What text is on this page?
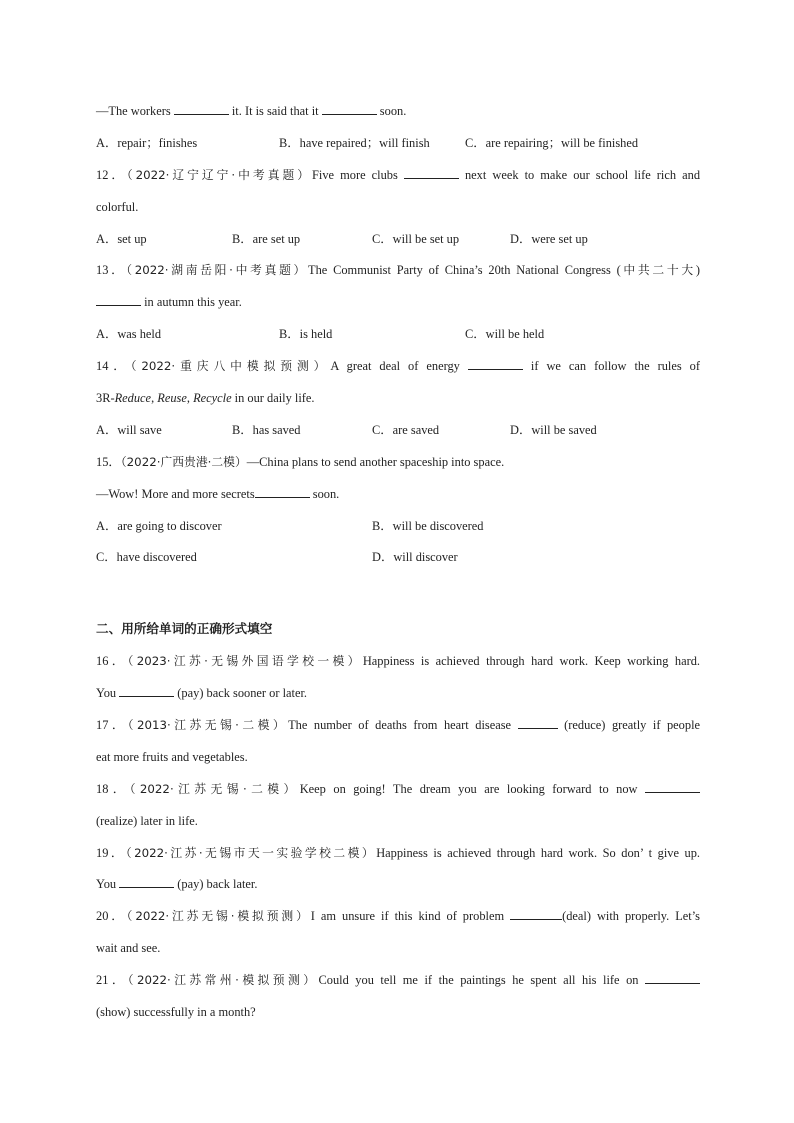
—The workers	it. It is said that it	soon.
A．repair；finishes	B．have repaired；will finish	C．are repairing；will be finished
12．（2022·辽宁辽宁·中考真题）Five more clubs	next week to make our school life rich and
colorful.
A．set up	B．are set up	C．will be set up	D．were set up
13．（2022·湖南岳阳·中考真题）The Communist Party of China’s 20th National Congress (中共二十大)
in autumn this year.
A．was held	B．is held	C．will be held
14．（2022·重庆八中模拟预测）A great deal of energy	if we can follow the rules of
3R-Reduce, Reuse, Recycle in our daily life.
A．will save	B．has saved	C．are saved	D．will be saved
15．（2022·广西贵港·二模）—China plans to send another spaceship into space.
—Wow! More and more secrets	soon.
A．are going to discover	B．will be discovered
C．have discovered	D．will discover
二、用所给单词的正确形式填空
16．（2023·江苏·无锡外国语学校一模）Happiness is achieved through hard work. Keep working hard.
You	(pay) back sooner or later.
17．（2013·江苏无锡·二模）The number of deaths from heart disease	(reduce) greatly if people
eat more fruits and vegetables.
18．（2022·江苏无锡·二模）Keep on going! The dream you are looking forward to now
(realize) later in life.
19．（2022·江苏·无锡市天一实验学校二模）Happiness is achieved through hard work. So don’ t give up.
You	(pay) back later.
20．（2022·江苏无锡·模拟预测）I am unsure if this kind of problem	(deal) with properly. Let’s
wait and see.
21．（2022·江苏常州·模拟预测）Could you tell me if the paintings he spent all his life on
(show) successfully in a month?
